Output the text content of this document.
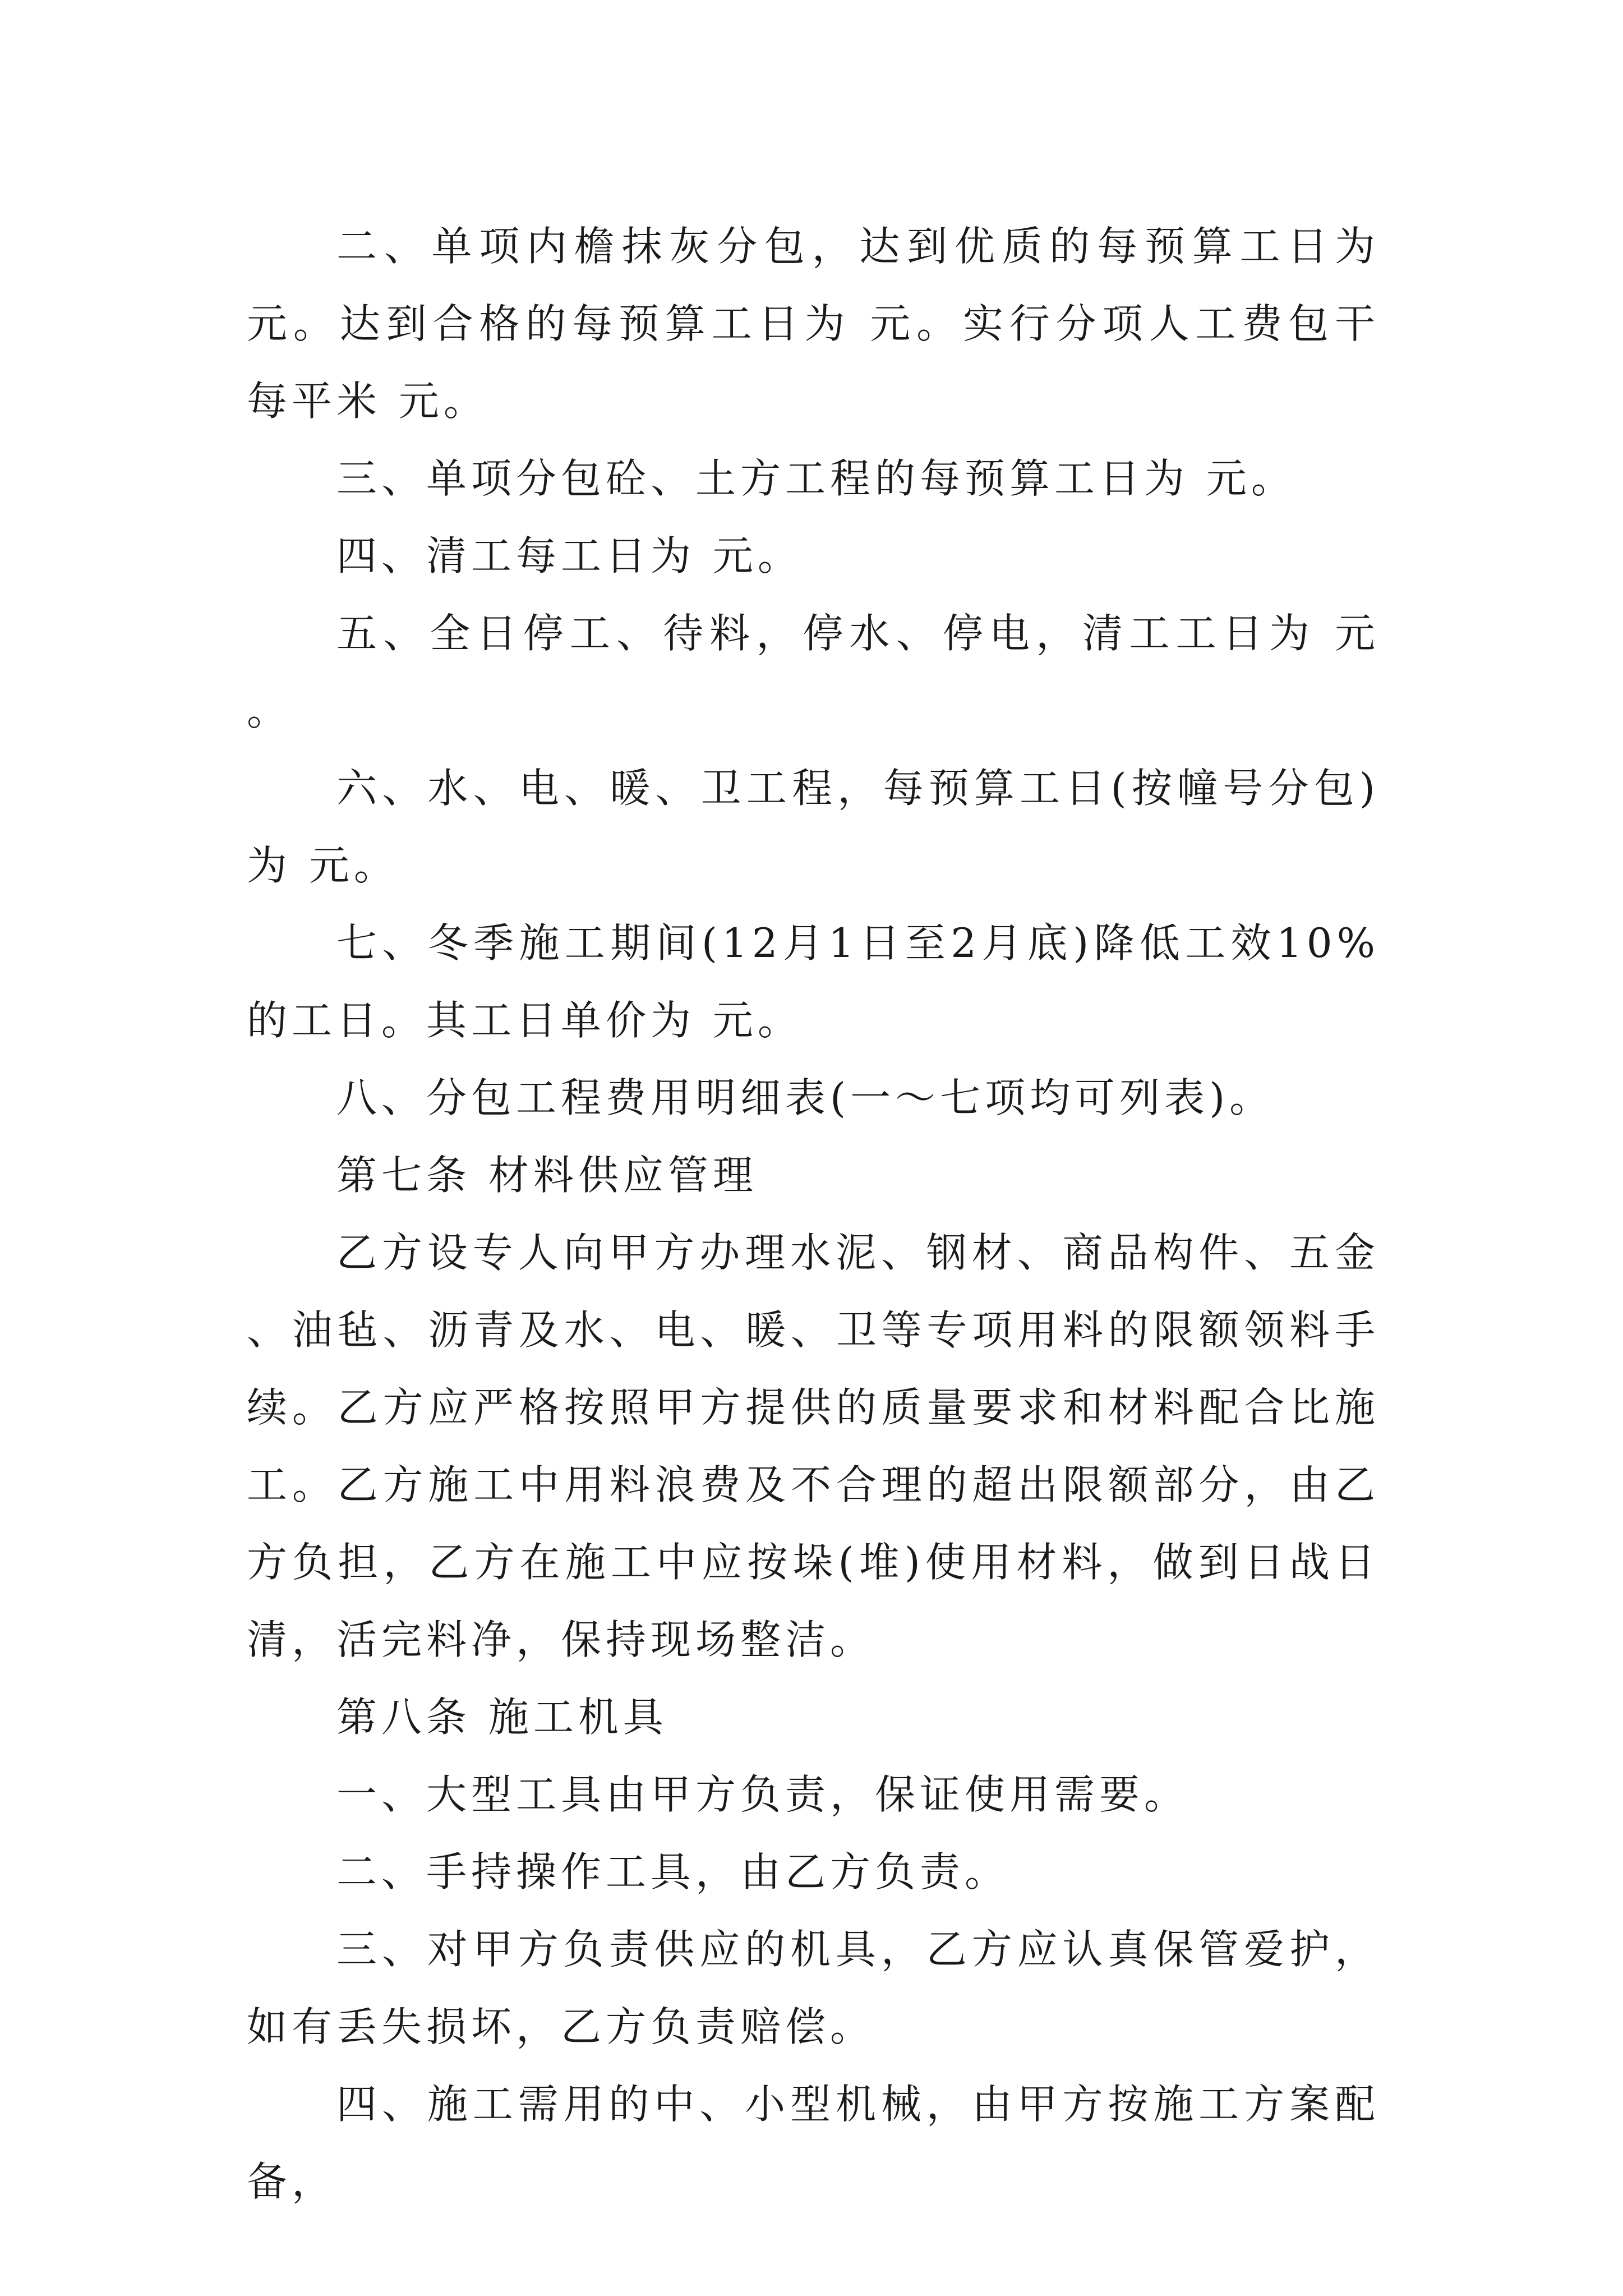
二、单项内檐抹灰分包，达到优质的每预算工日为 元。达到合格的每预算工日为 元。实行分项人工费包干每平米 元。

三、单项分包砼、土方工程的每预算工日为 元。

四、清工每工日为 元。

五、全日停工、待料，停水、停电，清工工日为 元。

六、水、电、暖、卫工程，每预算工日(按幢号分包)为 元。

七、冬季施工期间(12月1日至2月底)降低工效10%的工日。其工日单价为 元。

八、分包工程费用明细表(一～七项均可列表)。

第七条 材料供应管理

乙方设专人向甲方办理水泥、钢材、商品构件、五金、油毡、沥青及水、电、暖、卫等专项用料的限额领料手续。乙方应严格按照甲方提供的质量要求和材料配合比施工。乙方施工中用料浪费及不合理的超出限额部分，由乙方负担，乙方在施工中应按垛(堆)使用材料，做到日战日清，活完料净，保持现场整洁。

第八条 施工机具

一、大型工具由甲方负责，保证使用需要。

二、手持操作工具，由乙方负责。

三、对甲方负责供应的机具，乙方应认真保管爱护，如有丢失损坏，乙方负责赔偿。

四、施工需用的中、小型机械，由甲方按施工方案配备，
